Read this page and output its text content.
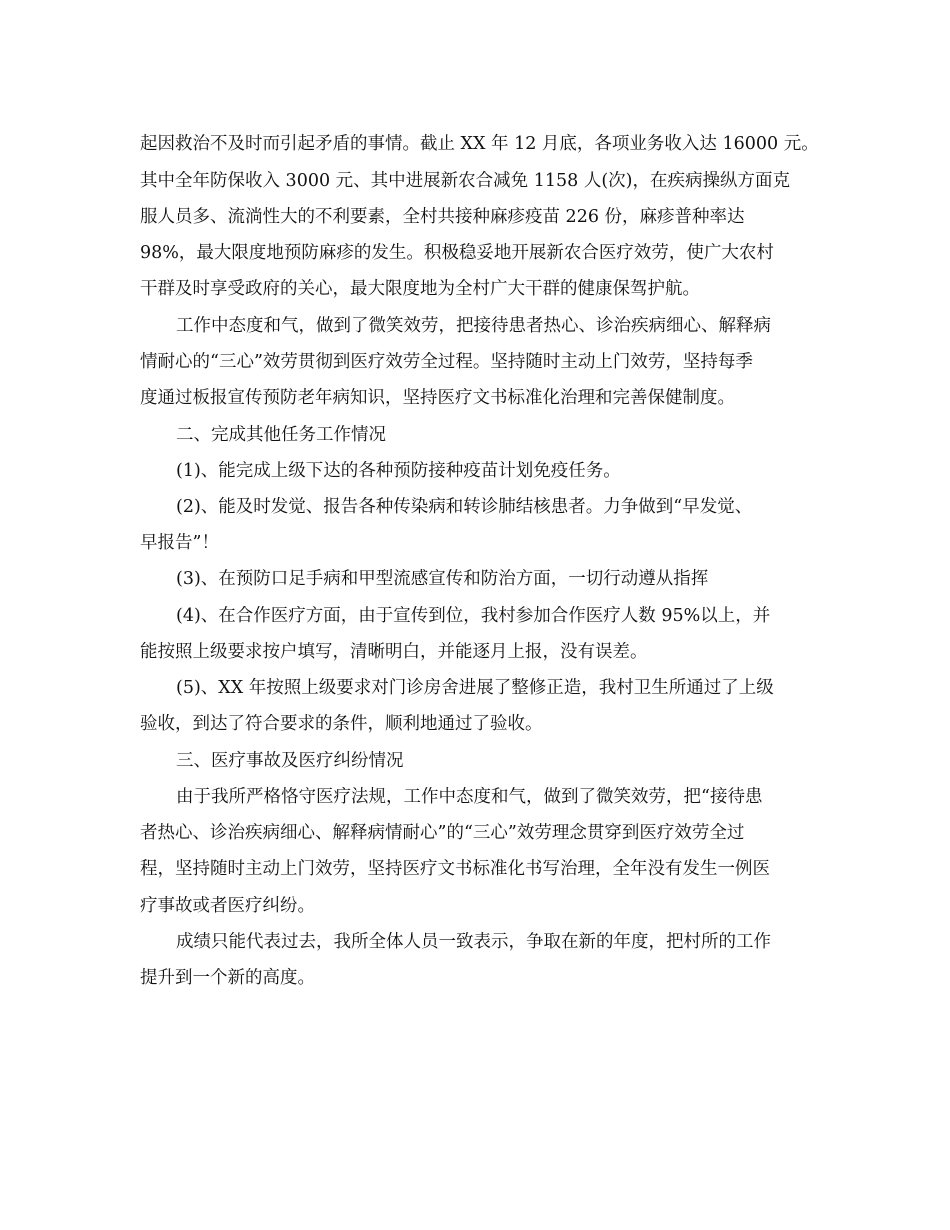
起因救治不及时而引起矛盾的事情。截止 XX 年 12 月底，各项业务收入达 16000 元。
其中全年防保收入 3000 元、其中进展新农合减免 1158 人(次)，在疾病操纵方面克
服人员多、流淌性大的不利要素，全村共接种麻疹疫苗 226 份，麻疹普种率达
98%，最大限度地预防麻疹的发生。积极稳妥地开展新农合医疗效劳，使广大农村
干群及时享受政府的关心，最大限度地为全村广大干群的健康保驾护航。
工作中态度和气，做到了微笑效劳，把接待患者热心、诊治疾病细心、解释病
情耐心的“三心”效劳贯彻到医疗效劳全过程。坚持随时主动上门效劳，坚持每季
度通过板报宣传预防老年病知识，坚持医疗文书标准化治理和完善保健制度。
二、完成其他任务工作情况
(1)、能完成上级下达的各种预防接种疫苗计划免疫任务。
(2)、能及时发觉、报告各种传染病和转诊肺结核患者。力争做到“早发觉、
早报告”！
(3)、在预防口足手病和甲型流感宣传和防治方面，一切行动遵从指挥
(4)、在合作医疗方面，由于宣传到位，我村参加合作医疗人数 95%以上，并
能按照上级要求按户填写，清晰明白，并能逐月上报，没有误差。
(5)、XX 年按照上级要求对门诊房舍进展了整修正造，我村卫生所通过了上级
验收，到达了符合要求的条件，顺利地通过了验收。
三、医疗事故及医疗纠纷情况
由于我所严格恪守医疗法规，工作中态度和气，做到了微笑效劳，把“接待患
者热心、诊治疾病细心、解释病情耐心”的“三心”效劳理念贯穿到医疗效劳全过
程，坚持随时主动上门效劳，坚持医疗文书标准化书写治理，全年没有发生一例医
疗事故或者医疗纠纷。
成绩只能代表过去，我所全体人员一致表示，争取在新的年度，把村所的工作
提升到一个新的高度。
